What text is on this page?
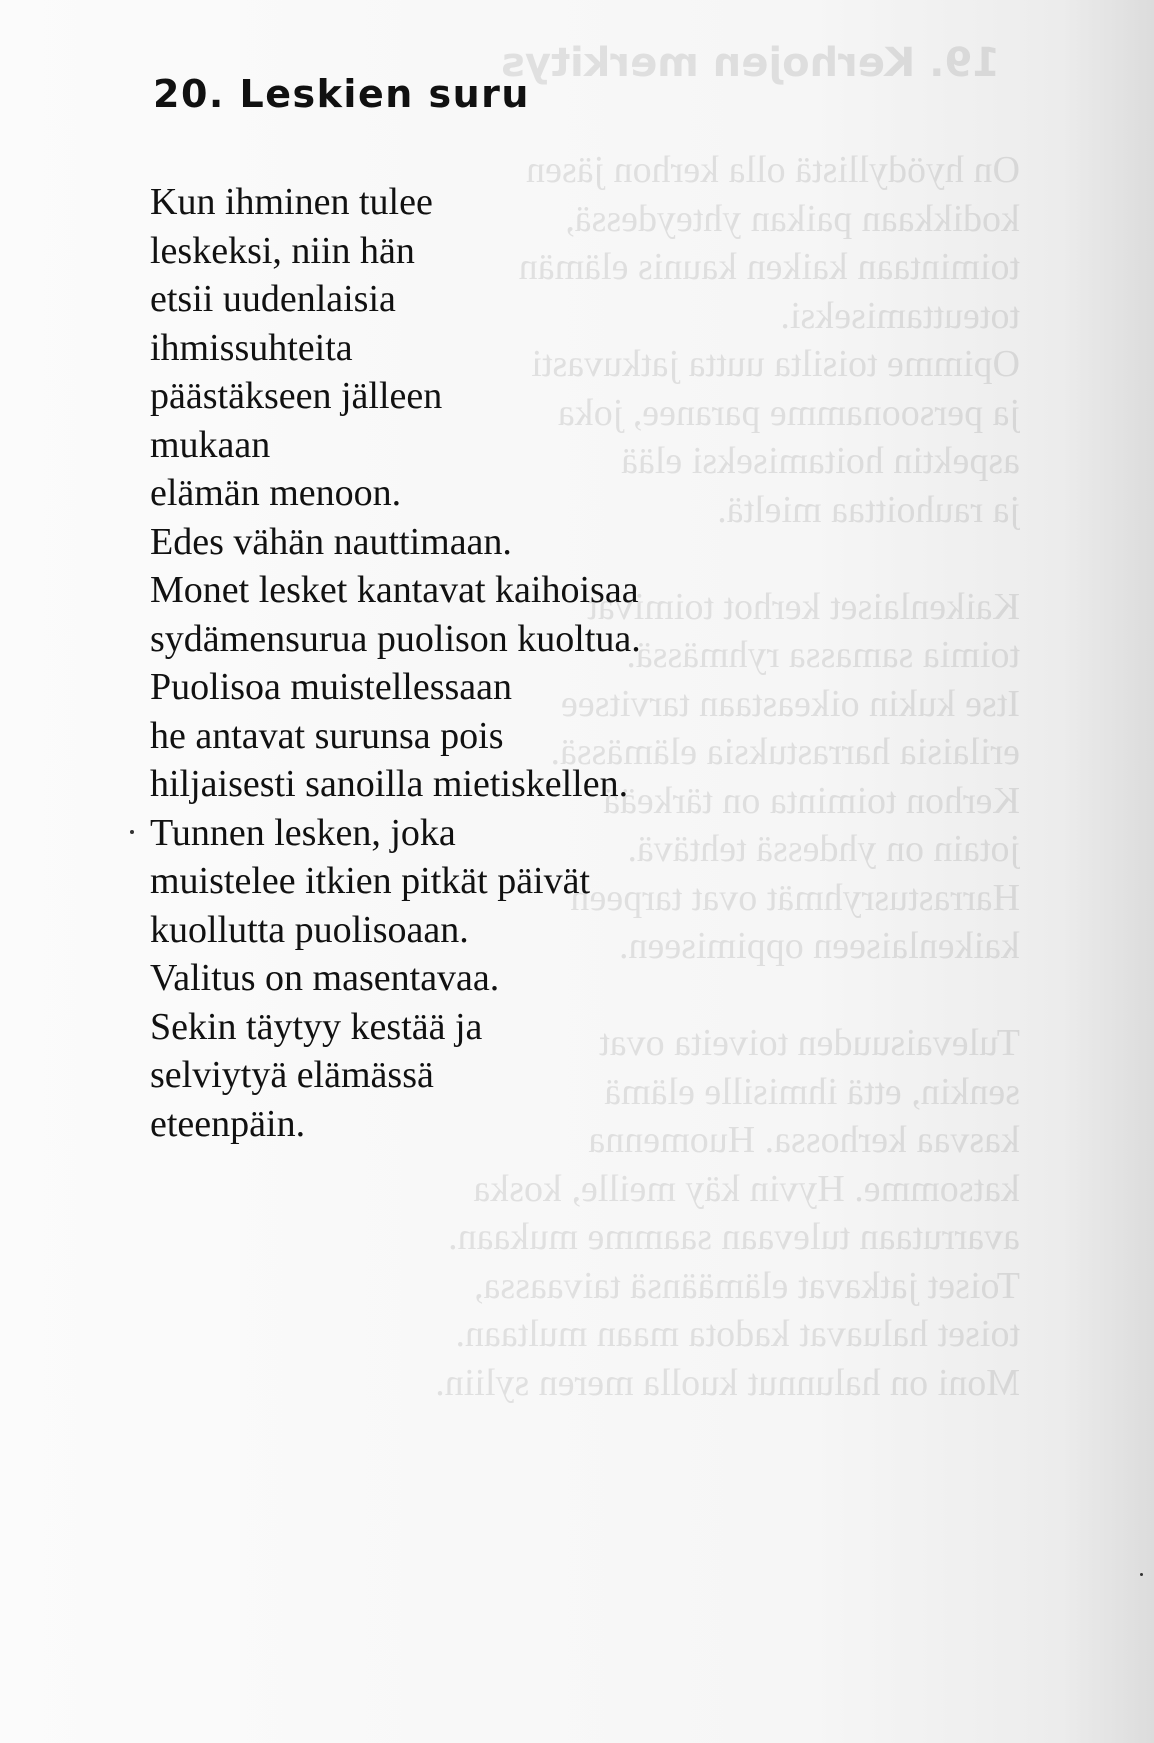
19. Kerhojen merkitys
On hyödyllistä olla kerhon jäsen
kodikkaan paikan yhteydessä,
toimintaan kaiken kaunis elämän
toteuttamiseksi.
Opimme toisilta uutta jatkuvasti
ja persoonamme paranee, joka
aspektin hoitamiseksi elää
ja rauhoittaa mieltä.
Kaikenlaiset kerhot toimivat
toimia samassa ryhmässä.
Itse kukin oikeastaan tarvitsee
erilaisia harrastuksia elämässä.
Kerhon toiminta on tärkeää
jotain on yhdessä tehtävä.
Harrastusryhmät ovat tarpeen
kaikenlaiseen oppimiseen.
Tulevaisuuden toiveita ovat
senkin, että ihmisille elämä
kasvaa kerhossa. Huomenna
katsomme. Hyvin käy meille, koska
avarrutaan tulevaan saamme mukaan.
Toiset jatkavat elämäänsä taivaassa,
toiset haluavat kadota maan multaan.
Moni on halunnut kuolla meren syliin.
20. Leskien suru
Kun ihminen tulee
leskeksi, niin hän
etsii uudenlaisia
ihmissuhteita
päästäkseen jälleen
mukaan
elämän menoon.
Edes vähän nauttimaan.
Monet lesket kantavat kaihoisaa
sydämensurua puolison kuoltua.
Puolisoa muistellessaan
he antavat surunsa pois
hiljaisesti sanoilla mietiskellen.
Tunnen lesken, joka
muistelee itkien pitkät päivät
kuollutta puolisoaan.
Valitus on masentavaa.
Sekin täytyy kestää ja
selviytyä elämässä
eteenpäin.
